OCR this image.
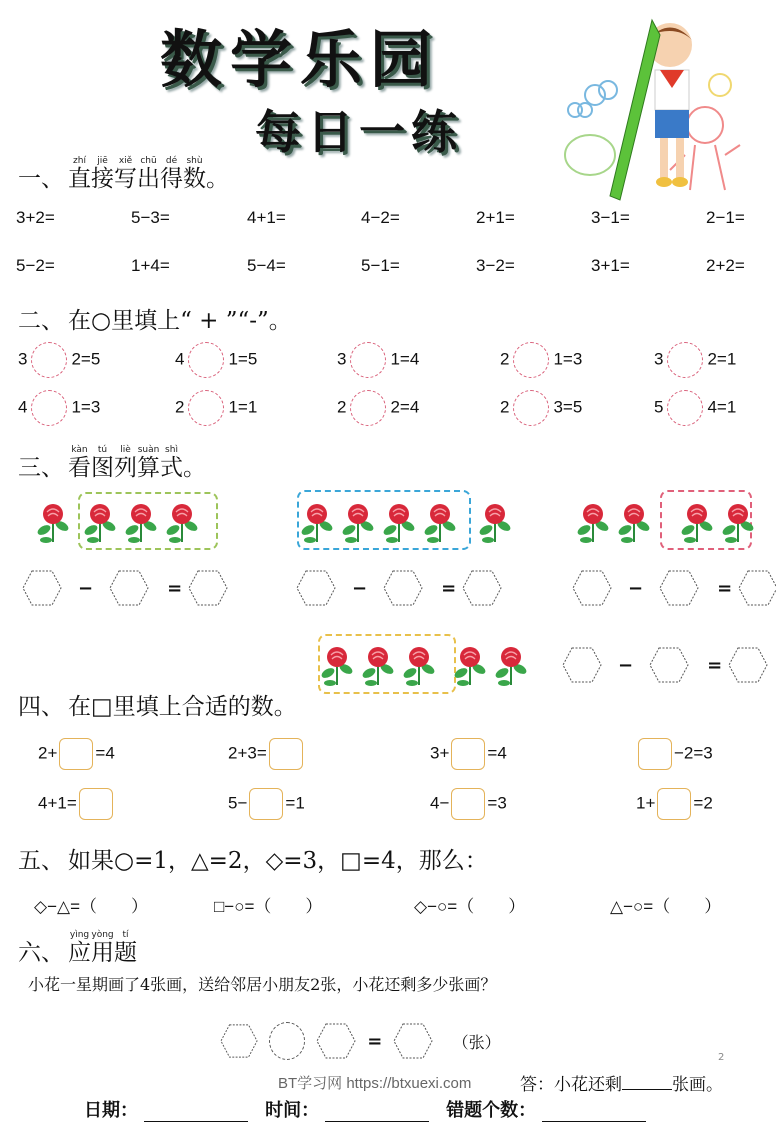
数学乐园
每日一练
一、 直zhí接jiē写xiě出chū得dé数shù。
3+2=	5−3=	4+1=	4−2=	2+1=	3−1=	2−1=
5−2=	1+4=	5−4=	5−1=	3−2=	3+1=	2+2=
二、 在○里填上“ + ”“-”。
3	2=5	4	1=5	3	1=4	2	1=3	3	2=1
4	1=3	2	1=1	2	2=4	2	3=5	5	4=1
三、 看kàn图tú列liè算suàn式shì。
−	=	−	=	−	=
−	=
四、 在□里填上合适的数。
2+ =4	2+3=	3+ =4	−2=3
4+1=	5− =1	4− =3	1+ =2
五、 如果○=1，△=2，◇=3，□=4，那么：
◇−△=（　　）	□−○=（　　）	◇−○=（　　）	△−○=（　　）
六、 应yìng用yòng题tí
小花一星期画了4张画，送给邻居小朋友2张，小花还剩多少张画？
=	（张）
2
BT学习网 https://btxuexi.com	答：小花还剩	张画。
日期：	时间：	错题个数：
